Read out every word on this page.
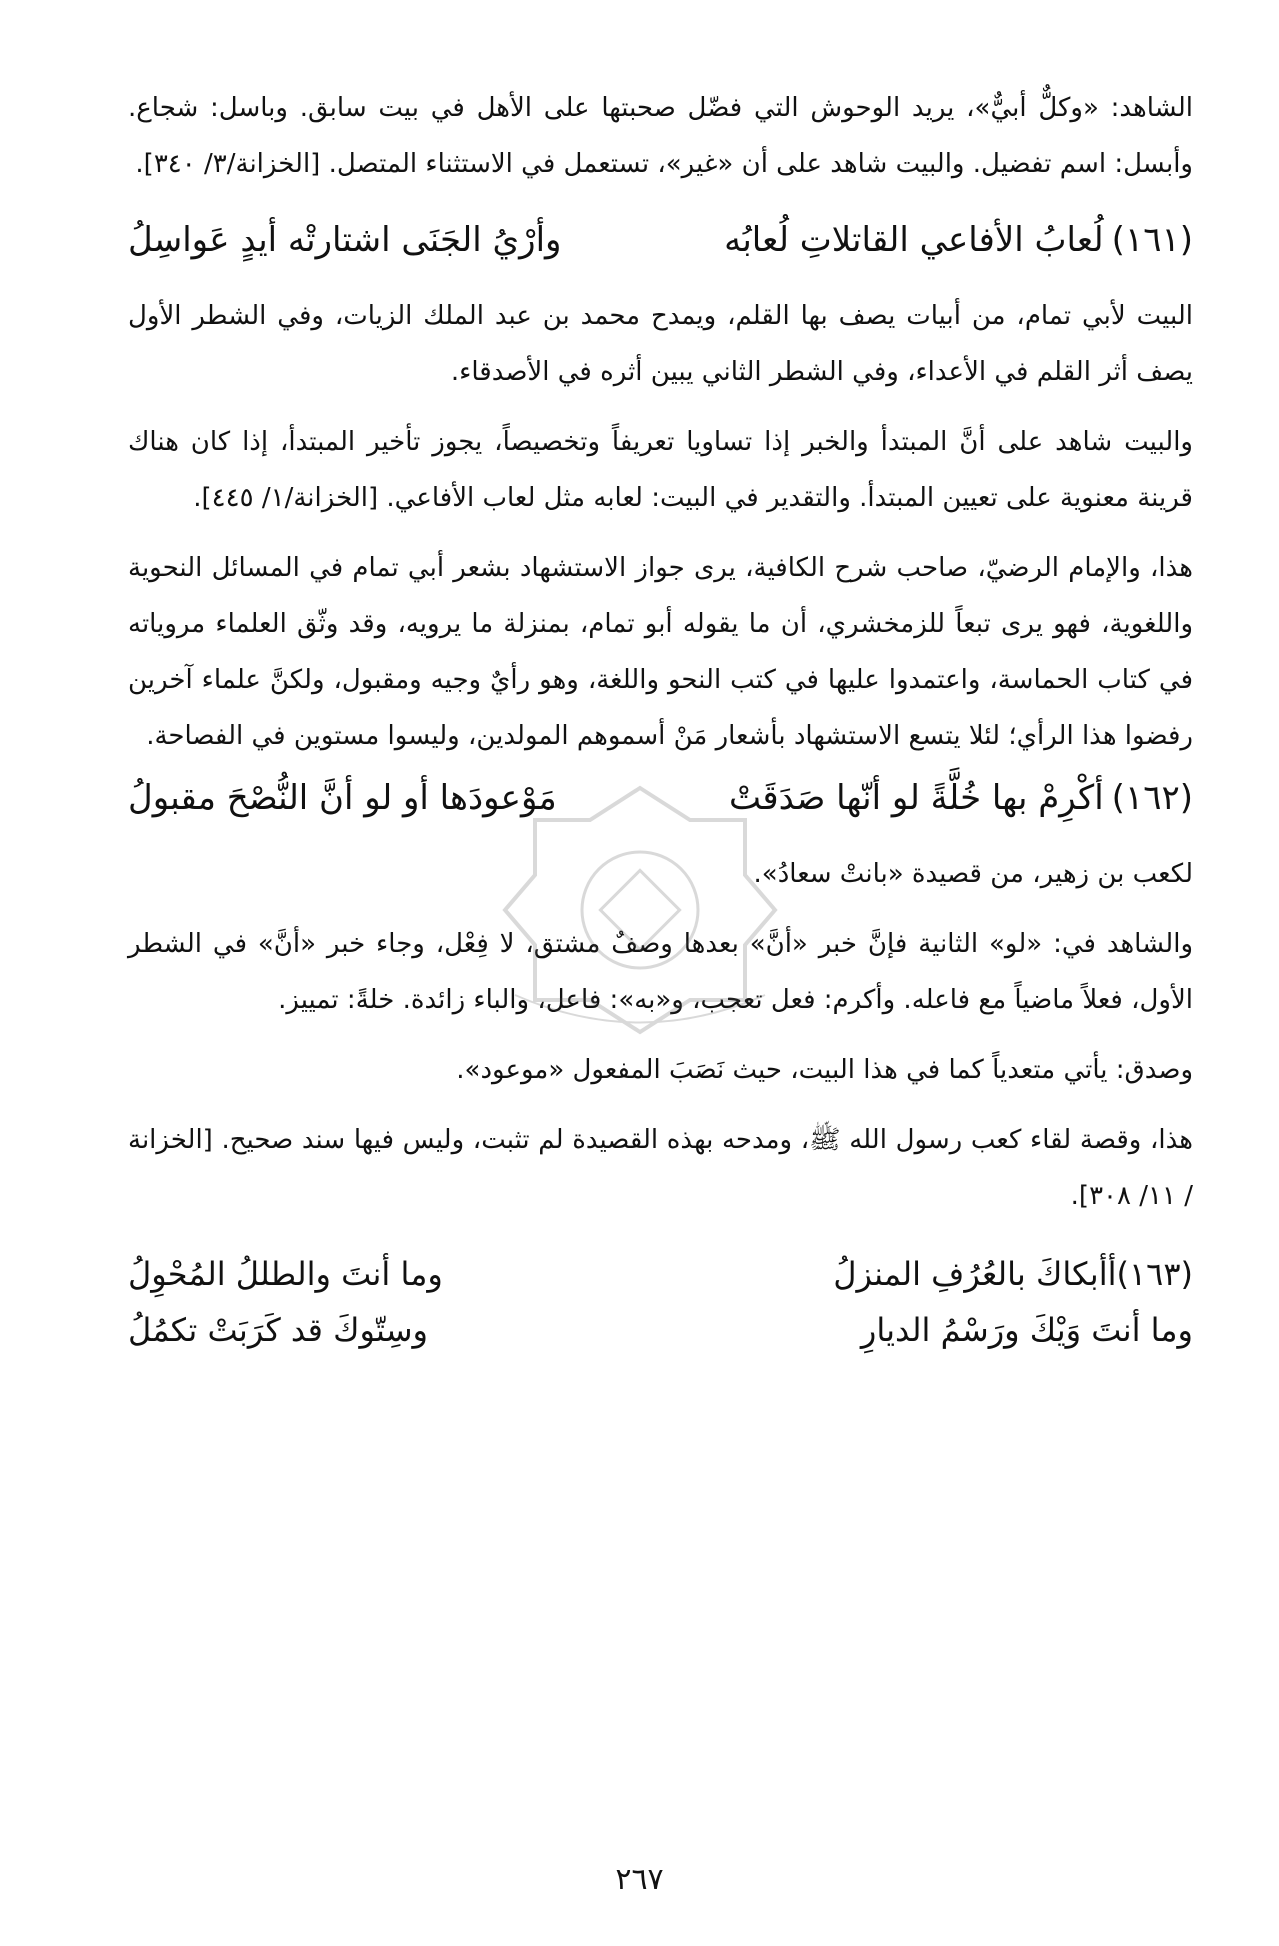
الشاهد: «وكلٌّ أبيٌّ»، يريد الوحوش التي فضّل صحبتها على الأهل في بيت سابق. وباسل: شجاع. وأبسل: اسم تفضيل. والبيت شاهد على أن «غير»، تستعمل في الاستثناء المتصل. [الخزانة/٣/ ٣٤٠].

(١٦١)لُعابُ الأفاعي القاتلاتِ لُعابُه
وأرْيُ الجَنَى اشتارتْه أيدٍ عَواسِلُ

البيت لأبي تمام، من أبيات يصف بها القلم، ويمدح محمد بن عبد الملك الزيات، وفي الشطر الأول يصف أثر القلم في الأعداء، وفي الشطر الثاني يبين أثره في الأصدقاء.

والبيت شاهد على أنَّ المبتدأ والخبر إذا تساويا تعريفاً وتخصيصاً، يجوز تأخير المبتدأ، إذا كان هناك قرينة معنوية على تعيين المبتدأ. والتقدير في البيت: لعابه مثل لعاب الأفاعي. [الخزانة/١/ ٤٤٥].

هذا، والإمام الرضيّ، صاحب شرح الكافية، يرى جواز الاستشهاد بشعر أبي تمام في المسائل النحوية واللغوية، فهو يرى تبعاً للزمخشري، أن ما يقوله أبو تمام، بمنزلة ما يرويه، وقد وثّق العلماء مروياته في كتاب الحماسة، واعتمدوا عليها في كتب النحو واللغة، وهو رأيٌ وجيه ومقبول، ولكنَّ علماء آخرين رفضوا هذا الرأي؛ لئلا يتسع الاستشهاد بأشعار مَنْ أسموهم المولدين، وليسوا مستوين في الفصاحة.

(١٦٢)أكْرِمْ بها خُلَّةً لو أنّها صَدَقَتْ
مَوْعودَها أو لو أنَّ النُّصْحَ مقبولُ

لكعب بن زهير، من قصيدة «بانتْ سعادُ».

والشاهد في: «لو» الثانية فإنَّ خبر «أنَّ» بعدها وصفٌ مشتق، لا فِعْل، وجاء خبر «أنَّ» في الشطر الأول، فعلاً ماضياً مع فاعله. وأكرم: فعل تعجب، و«به»: فاعل، والباء زائدة. خلةً: تمييز.

وصدق: يأتي متعدياً كما في هذا البيت، حيث نَصَبَ المفعول «موعود».

هذا، وقصة لقاء كعب رسول الله ﷺ، ومدحه بهذه القصيدة لم تثبت، وليس فيها سند صحيح. [الخزانة / ١١/ ٣٠٨].

(١٦٣)أأبكاكَ بالعُرُفِ المنزلُ
وما أنتَ والطللُ المُحْوِلُ
وما أنتَ وَيْكَ ورَسْمُ الديارِ
وسِتّوكَ قد كَرَبَتْ تكمُلُ
٢٦٧
